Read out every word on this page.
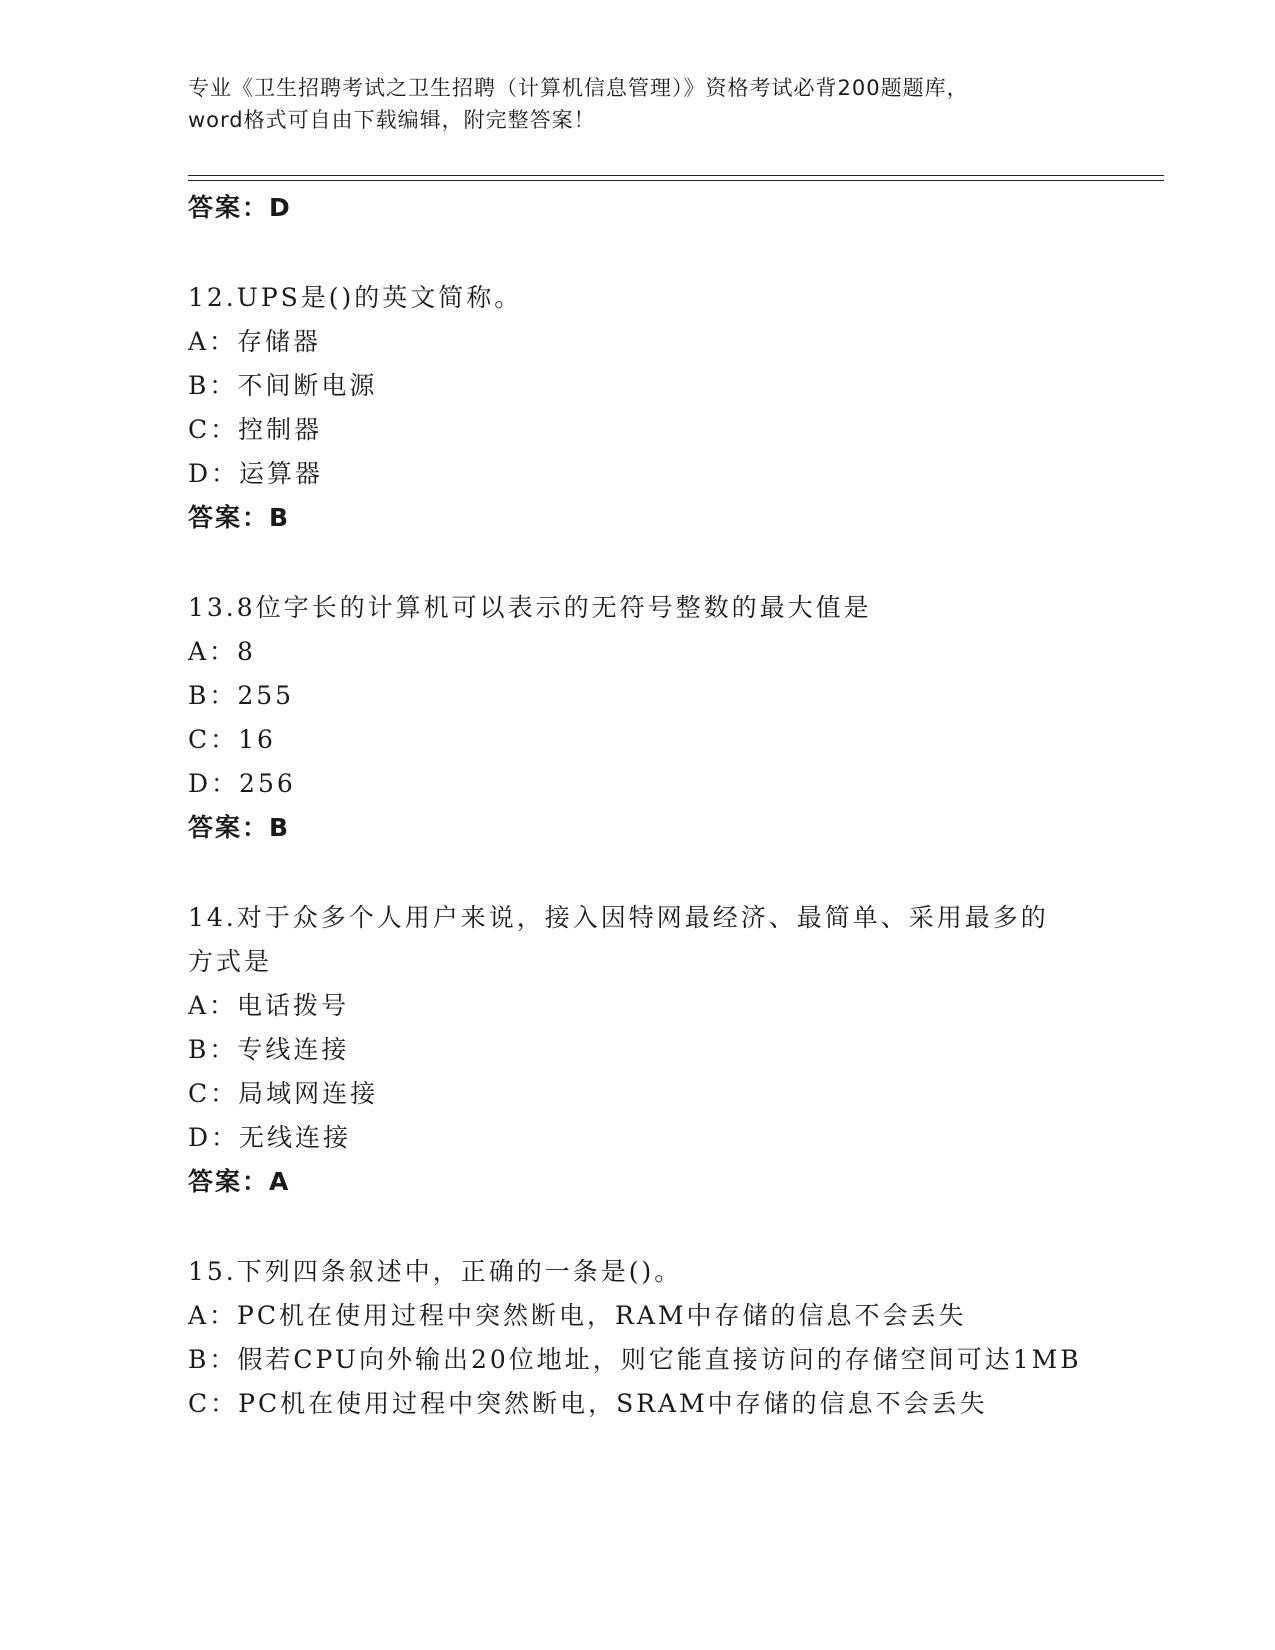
专业《卫生招聘考试之卫生招聘（计算机信息管理）》资格考试必背200题题库，
word格式可自由下载编辑，附完整答案！
答案：D
12.UPS是()的英文简称。
A：存储器
B：不间断电源
C：控制器
D：运算器
答案：B
13.8位字长的计算机可以表示的无符号整数的最大值是
A：8
B：255
C：16
D：256
答案：B
14.对于众多个人用户来说，接入因特网最经济、最简单、采用最多的
方式是
A：电话拨号
B：专线连接
C：局域网连接
D：无线连接
答案：A
15.下列四条叙述中，正确的一条是()。
A：PC机在使用过程中突然断电，RAM中存储的信息不会丢失
B：假若CPU向外输出20位地址，则它能直接访问的存储空间可达1MB
C：PC机在使用过程中突然断电，SRAM中存储的信息不会丢失
